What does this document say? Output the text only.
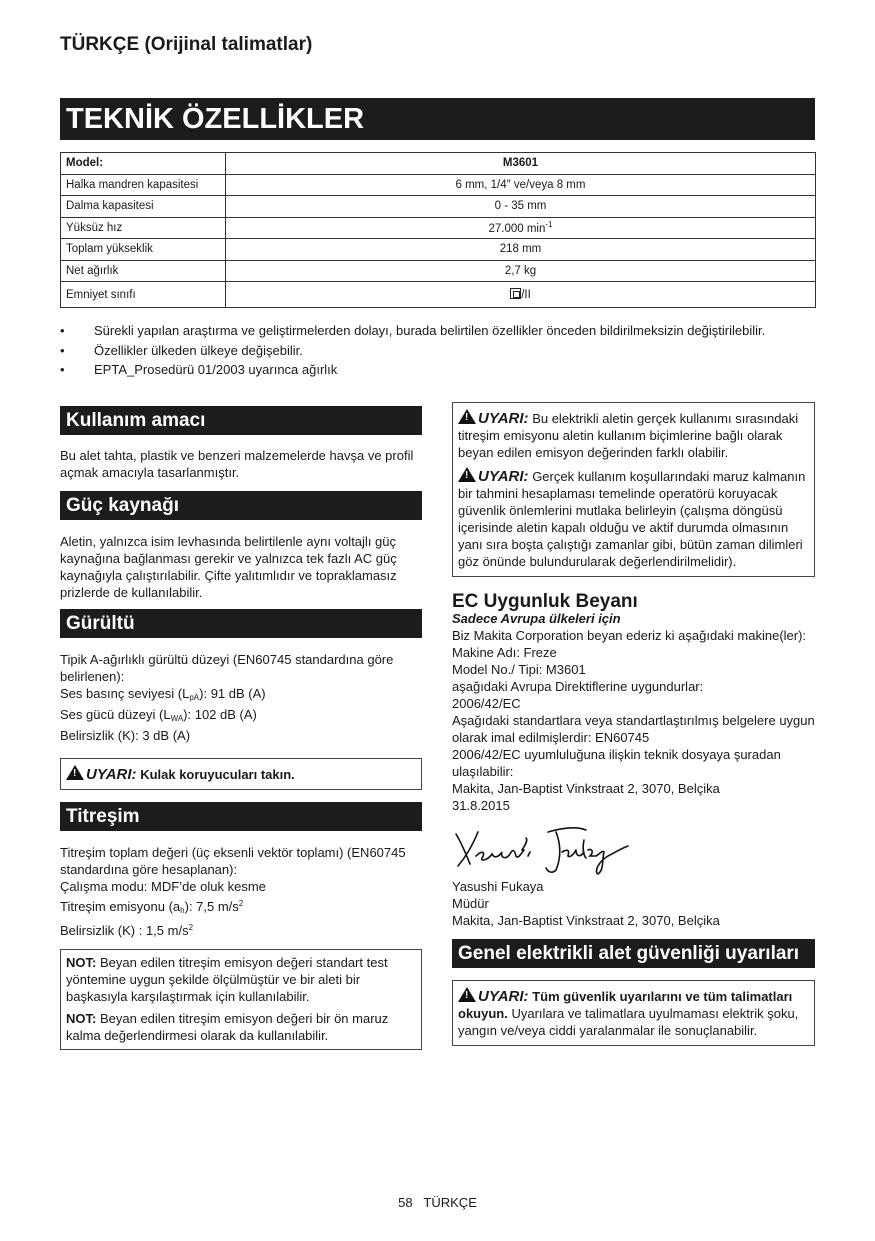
TÜRKÇE (Orijinal talimatlar)
TEKNİK ÖZELLİKLER
Model:	M3601
Halka mandren kapasitesi	6 mm, 1/4″ ve/veya 8 mm
Dalma kapasitesi	0 - 35 mm
Yüksüz hız	27.000 $\min^{-1}$
Toplam yükseklik	218 mm
Net ağırlık	2,7 kg
Emniyet sınıfı	/II
• Sürekli yapılan araştırma ve geliştirmelerden dolayı, burada belirtilen özellikler önceden bildirilmeksizin değiştirilebilir.
• Özellikler ülkeden ülkeye değişebilir.
• EPTA_Prosedürü 01/2003 uyarınca ağırlık
Kullanım amacı

Bu alet tahta, plastik ve benzeri malzemelerde havşa ve profil açmak amacıyla tasarlanmıştır.

Güç kaynağı

Aletin, yalnızca isim levhasında belirtilenle aynı voltajlı güç kaynağına bağlanması gerekir ve yalnızca tek fazlı AC güç kaynağıyla çalıştırılabilir. Çifte yalıtımlıdır ve topraklamasız prizlerde de kullanılabilir.

Gürültü

Tipik A-ağırlıklı gürültü düzeyi (EN60745 standardına göre belirlenen):

Ses basınç seviyesi $(L_{pA})$: 91 dB (A)

Ses gücü düzeyi $(L_{WA})$: 102 dB (A)

Belirsizlik (K): 3 dB (A)

!UYARI: Kulak koruyucuları takın.
Titreşim

Titreşim toplam değeri (üç eksenli vektör toplamı) (EN60745 standardına göre hesaplanan):

Çalışma modu: MDF’de oluk kesme

Titreşim emisyonu $(a_h)$: 7,5 $m/s^2$

Belirsizlik (K) : 1,5 $m/s^2$

NOT: Beyan edilen titreşim emisyon değeri standart test yöntemine uygun şekilde ölçülmüştür ve bir aleti bir başkasıyla karşılaştırmak için kullanılabilir.

NOT: Beyan edilen titreşim emisyon değeri bir ön maruz kalma değerlendirmesi olarak da kullanılabilir.

!UYARI: Bu elektrikli aletin gerçek kullanımı sırasındaki titreşim emisyonu aletin kullanım biçimlerine bağlı olarak beyan edilen emisyon değerinden farklı olabilir.

!UYARI: Gerçek kullanım koşullarındaki maruz kalmanın bir tahmini hesaplaması temelinde operatörü koruyacak güvenlik önlemlerini mutlaka belirleyin (çalışma döngüsü içerisinde aletin kapalı olduğu ve aktif durumda olmasının yanı sıra boşta çalıştığı zamanlar gibi, bütün zaman dilimleri göz önünde bulundurularak değerlendirilmelidir).

EC Uygunluk Beyanı

Sadece Avrupa ülkeleri için

Biz Makita Corporation beyan ederiz ki aşağıdaki makine(ler):

Makine Adı: Freze

Model No./ Tipi: M3601

aşağıdaki Avrupa Direktiflerine uygundurlar:

2006/42/EC

Aşağıdaki standartlara veya standartlaştırılmış belgelere uygun olarak imal edilmişlerdir: EN60745

2006/42/EC uyumluluğuna ilişkin teknik dosyaya şuradan ulaşılabilir:

Makita, Jan-Baptist Vinkstraat 2, 3070, Belçika

31.8.2015

Yasushi Fukaya

Müdür

Makita, Jan-Baptist Vinkstraat 2, 3070, Belçika

Genel elektrikli alet güvenliği uyarıları

!UYARI: Tüm güvenlik uyarılarını ve tüm talimatları okuyun. Uyarılara ve talimatlara uyulmaması elektrik şoku, yangın ve/veya ciddi yaralanmalar ile sonuçlanabilir.

58 TÜRKÇE
